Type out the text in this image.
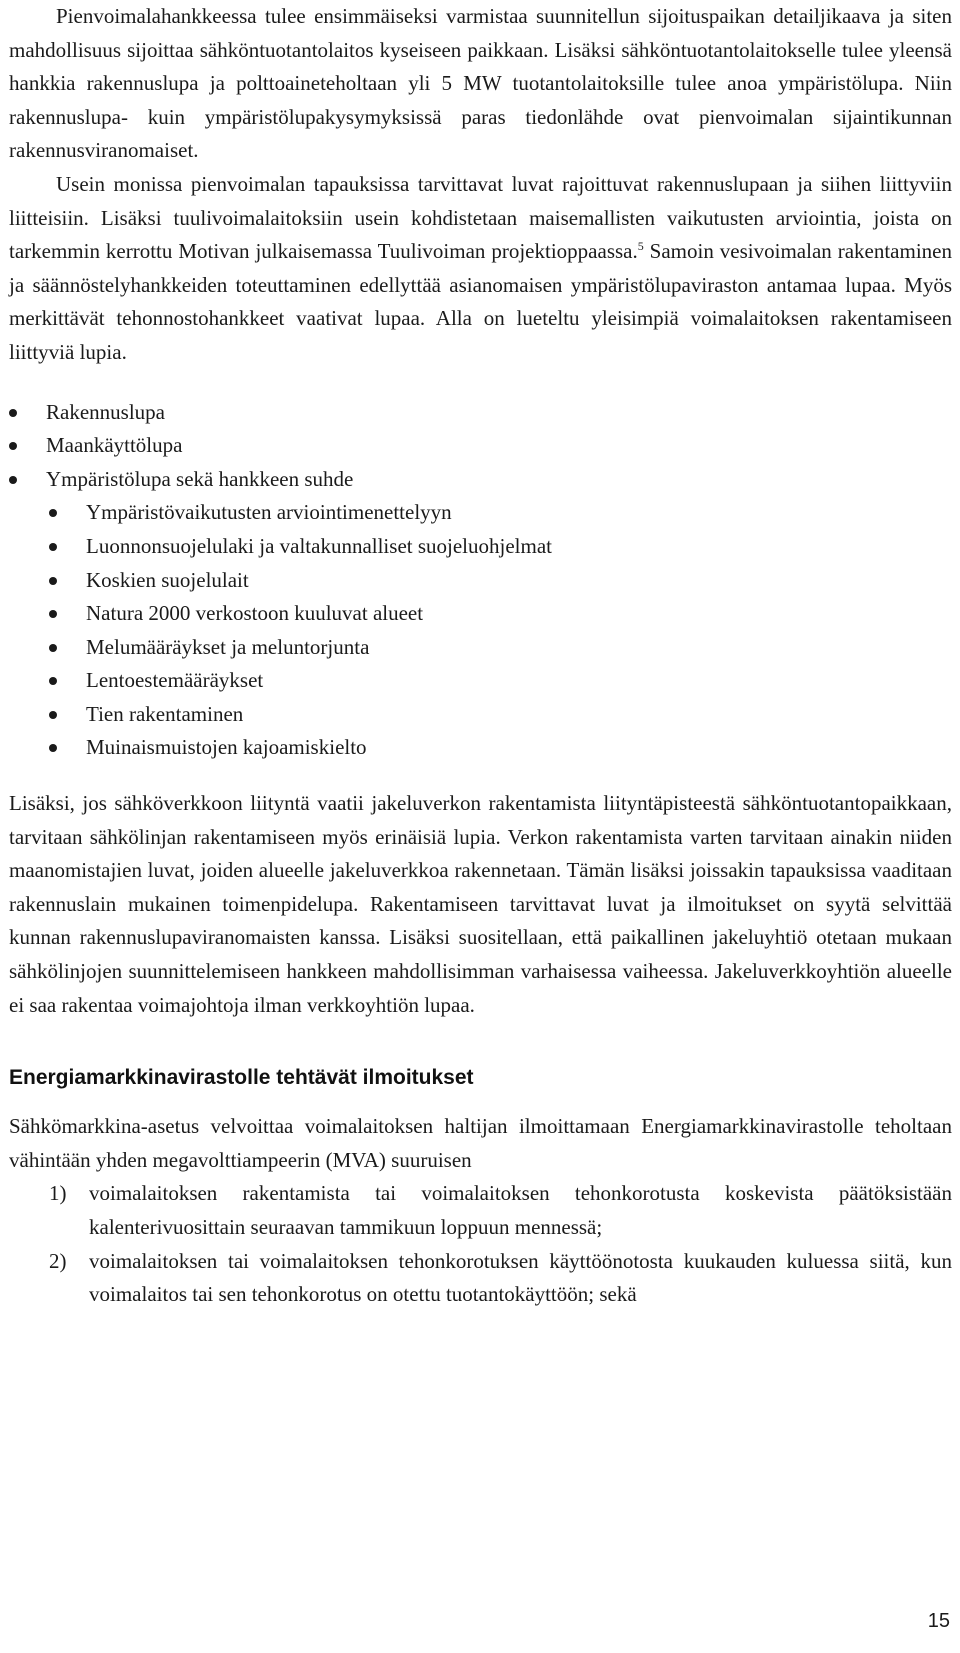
Pienvoimalahankkeessa tulee ensimmäiseksi varmistaa suunnitellun sijoituspaikan detailjikaava ja siten mahdollisuus sijoittaa sähköntuotantolaitos kyseiseen paikkaan. Lisäksi sähköntuotantolaitokselle tulee yleensä hankkia rakennuslupa ja polttoaineteholtaan yli 5 MW tuotantolaitoksille tulee anoa ympäristölupa. Niin rakennuslupa- kuin ympäristölupakysymyksissä paras tiedonlähde ovat pienvoimalan sijaintikunnan rakennusviranomaiset.

Usein monissa pienvoimalan tapauksissa tarvittavat luvat rajoittuvat rakennuslupaan ja siihen liittyviin liitteisiin. Lisäksi tuulivoimalaitoksiin usein kohdistetaan maisemallisten vaikutusten arviointia, joista on tarkemmin kerrottu Motivan julkaisemassa Tuulivoiman projektioppaassa.$^5$ Samoin vesivoimalan rakentaminen ja säännöstelyhankkeiden toteuttaminen edellyttää asianomaisen ympäristölupaviraston antamaa lupaa. Myös merkittävät tehonnostohankkeet vaativat lupaa. Alla on lueteltu yleisimpiä voimalaitoksen rakentamiseen liittyviä lupia.

Rakennuslupa
Maankäyttölupa
Ympäristölupa sekä hankkeen suhde
Ympäristövaikutusten arviointimenettelyyn
Luonnonsuojelulaki ja valtakunnalliset suojeluohjelmat
Koskien suojelulait
Natura 2000 verkostoon kuuluvat alueet
Melumääräykset ja meluntorjunta
Lentoestemääräykset
Tien rakentaminen
Muinaismuistojen kajoamiskielto

Lisäksi, jos sähköverkkoon liityntä vaatii jakeluverkon rakentamista liityntäpisteestä sähköntuotantopaikkaan, tarvitaan sähkölinjan rakentamiseen myös erinäisiä lupia. Verkon rakentamista varten tarvitaan ainakin niiden maanomistajien luvat, joiden alueelle jakeluverkkoa rakennetaan. Tämän lisäksi joissakin tapauksissa vaaditaan rakennuslain mukainen toimenpidelupa. Rakentamiseen tarvittavat luvat ja ilmoitukset on syytä selvittää kunnan rakennuslupaviranomaisten kanssa. Lisäksi suositellaan, että paikallinen jakeluyhtiö otetaan mukaan sähkölinjojen suunnittelemiseen hankkeen mahdollisimman varhaisessa vaiheessa. Jakeluverkkoyhtiön alueelle ei saa rakentaa voimajohtoja ilman verkkoyhtiön lupaa.

Energiamarkkinavirastolle tehtävät ilmoitukset

Sähkömarkkina-asetus velvoittaa voimalaitoksen haltijan ilmoittamaan Energiamarkkinavirastolle teholtaan vähintään yhden megavolttiampeerin (MVA) suuruisen

1) voimalaitoksen rakentamista tai voimalaitoksen tehonkorotusta koskevista päätöksistään kalenterivuosittain seuraavan tammikuun loppuun mennessä;
2) voimalaitoksen tai voimalaitoksen tehonkorotuksen käyttöönotosta kuukauden kuluessa siitä, kun voimalaitos tai sen tehonkorotus on otettu tuotantokäyttöön; sekä
15
